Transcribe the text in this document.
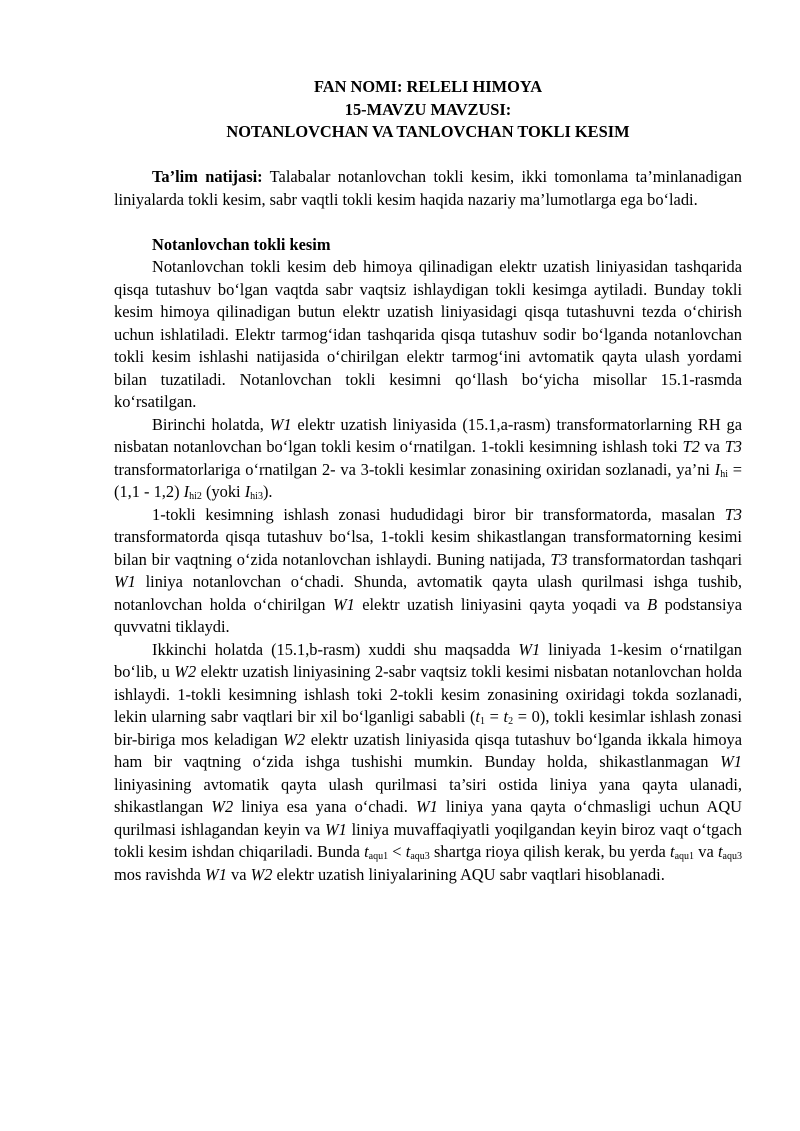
FAN NOMI: RELELI HIMOYA
15-MAVZU MAVZUSI:
NOTANLOVCHAN VA TANLOVCHAN TOKLI KESIM

Ta’lim natijasi: Talabalar notanlovchan tokli kesim, ikki tomonlama ta’minlanadigan liniyalarda tokli kesim, sabr vaqtli tokli kesim haqida nazariy ma’lumotlarga ega bo‘ladi.

Notanlovchan tokli kesim

Notanlovchan tokli kesim deb himoya qilinadigan elektr uzatish liniyasidan tashqarida qisqa tutashuv bo‘lgan vaqtda sabr vaqtsiz ishlaydigan tokli kesimga aytiladi. Bunday tokli kesim himoya qilinadigan butun elektr uzatish liniyasidagi qisqa tutashuvni tezda o‘chirish uchun ishlatiladi. Elektr tarmog‘idan tashqarida qisqa tutashuv sodir bo‘lganda notanlovchan tokli kesim ishlashi natijasida o‘chirilgan elektr tarmog‘ini avtomatik qayta ulash yordami bilan tuzatiladi. Notanlovchan tokli kesimni qo‘llash bo‘yicha misollar 15.1-rasmda ko‘rsatilgan.

Birinchi holatda, W1 elektr uzatish liniyasida (15.1,a-rasm) transformatorlarning RH ga nisbatan notanlovchan bo‘lgan tokli kesim o‘rnatilgan. 1-tokli kesimning ishlash toki T2 va T3 transformatorlariga o‘rnatilgan 2- va 3-tokli kesimlar zonasining oxiridan sozlanadi, ya’ni $I_{hi} = (1,1 - 1,2)$ $I_{hi2}$ (yoki $I_{hi3}$).

1-tokli kesimning ishlash zonasi hududidagi biror bir transformatorda, masalan T3 transformatorda qisqa tutashuv bo‘lsa, 1-tokli kesim shikastlangan transformatorning kesimi bilan bir vaqtning o‘zida notanlovchan ishlaydi. Buning natijada, T3 transformatordan tashqari W1 liniya notanlovchan o‘chadi. Shunda, avtomatik qayta ulash qurilmasi ishga tushib, notanlovchan holda o‘chirilgan W1 elektr uzatish liniyasini qayta yoqadi va B podstansiya quvvatni tiklaydi.

Ikkinchi holatda (15.1,b-rasm) xuddi shu maqsadda W1 liniyada 1-kesim o‘rnatilgan bo‘lib, u W2 elektr uzatish liniyasining 2-sabr vaqtsiz tokli kesimi nisbatan notanlovchan holda ishlaydi. 1-tokli kesimning ishlash toki 2-tokli kesim zonasining oxiridagi tokda sozlanadi, lekin ularning sabr vaqtlari bir xil bo‘lganligi sababli $(t_1 = t_2 = 0)$, tokli kesimlar ishlash zonasi bir-biriga mos keladigan W2 elektr uzatish liniyasida qisqa tutashuv bo‘lganda ikkala himoya ham bir vaqtning o‘zida ishga tushishi mumkin. Bunday holda, shikastlanmagan W1 liniyasining avtomatik qayta ulash qurilmasi ta’siri ostida liniya yana qayta ulanadi, shikastlangan W2 liniya esa yana o‘chadi. W1 liniya yana qayta o‘chmasligi uchun AQU qurilmasi ishlagandan keyin va W1 liniya muvaffaqiyatli yoqilgandan keyin biroz vaqt o‘tgach tokli kesim ishdan chiqariladi. Bunda $t_{aqu1} < t_{aqu3}$ shartga rioya qilish kerak, bu yerda $t_{aqu1}$ va $t_{aqu3}$ mos ravishda W1 va W2 elektr uzatish liniyalarining AQU sabr vaqtlari hisoblanadi.
